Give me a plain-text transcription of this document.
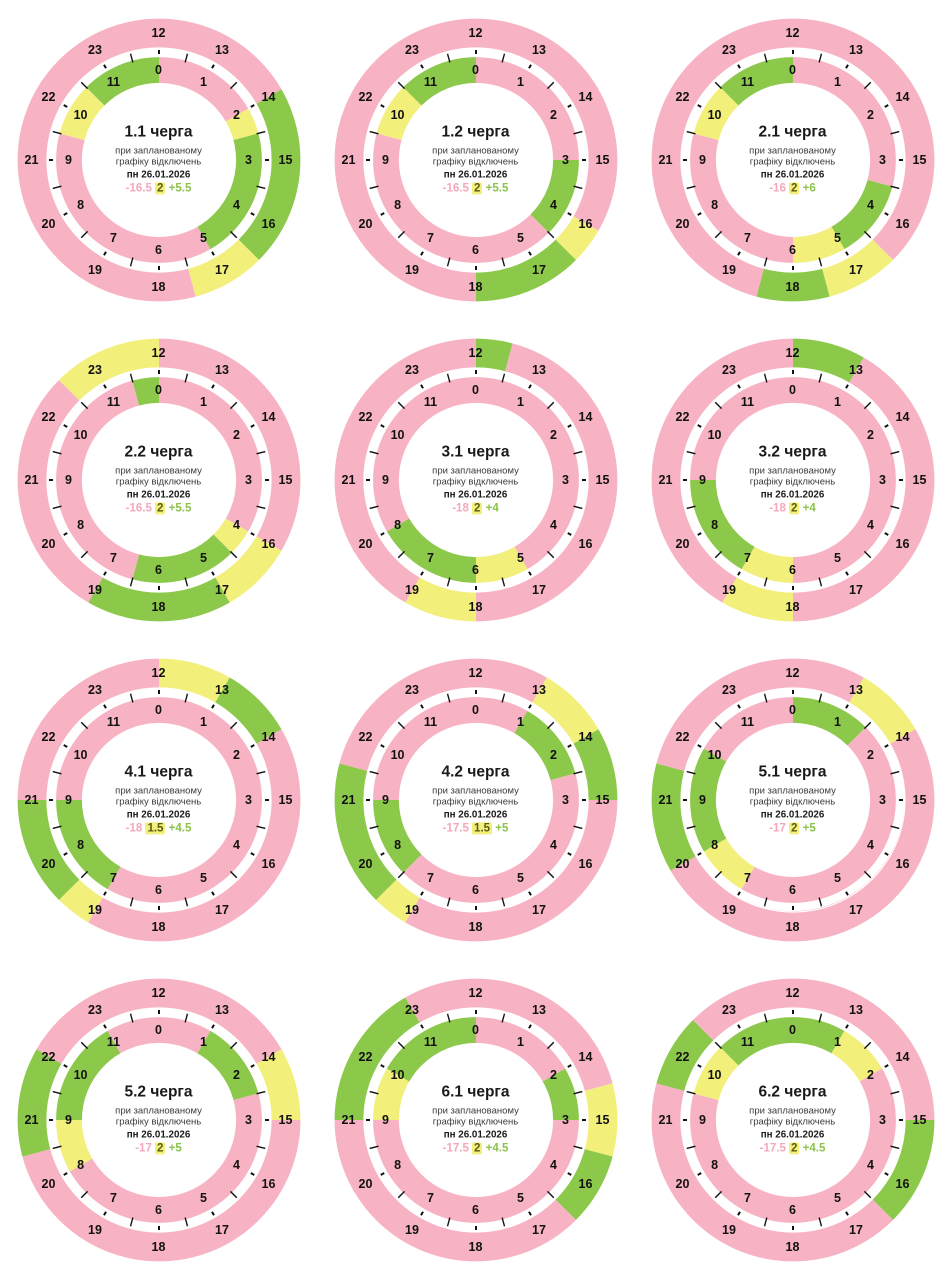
12
13
14
15
16
17
18
19
20
21
22
23
0
1
2
3
4
5
6
7
8
9
10
11
1.1 черга
при запланованому
графіку відключень
пн 26.01.2026
-16.5 2 +5.5
12
13
14
15
16
17
18
19
20
21
22
23
0
1
2
3
4
5
6
7
8
9
10
11
1.2 черга
при запланованому
графіку відключень
пн 26.01.2026
-16.5 2 +5.5
12
13
14
15
16
17
18
19
20
21
22
23
0
1
2
3
4
5
6
7
8
9
10
11
2.1 черга
при запланованому
графіку відключень
пн 26.01.2026
-16 2 +6
12
13
14
15
16
17
18
19
20
21
22
23
0
1
2
3
4
5
6
7
8
9
10
11
2.2 черга
при запланованому
графіку відключень
пн 26.01.2026
-16.5 2 +5.5
12
13
14
15
16
17
18
19
20
21
22
23
0
1
2
3
4
5
6
7
8
9
10
11
3.1 черга
при запланованому
графіку відключень
пн 26.01.2026
-18 2 +4
12
13
14
15
16
17
18
19
20
21
22
23
0
1
2
3
4
5
6
7
8
9
10
11
3.2 черга
при запланованому
графіку відключень
пн 26.01.2026
-18 2 +4
12
13
14
15
16
17
18
19
20
21
22
23
0
1
2
3
4
5
6
7
8
9
10
11
4.1 черга
при запланованому
графіку відключень
пн 26.01.2026
-18 1.5 +4.5
12
13
14
15
16
17
18
19
20
21
22
23
0
1
2
3
4
5
6
7
8
9
10
11
4.2 черга
при запланованому
графіку відключень
пн 26.01.2026
-17.5 1.5 +5
12
13
14
15
16
17
18
19
20
21
22
23
0
1
2
3
4
5
6
7
8
9
10
11
5.1 черга
при запланованому
графіку відключень
пн 26.01.2026
-17 2 +5
12
13
14
15
16
17
18
19
20
21
22
23
0
1
2
3
4
5
6
7
8
9
10
11
5.2 черга
при запланованому
графіку відключень
пн 26.01.2026
-17 2 +5
12
13
14
15
16
17
18
19
20
21
22
23
0
1
2
3
4
5
6
7
8
9
10
11
6.1 черга
при запланованому
графіку відключень
пн 26.01.2026
-17.5 2 +4.5
12
13
14
15
16
17
18
19
20
21
22
23
0
1
2
3
4
5
6
7
8
9
10
11
6.2 черга
при запланованому
графіку відключень
пн 26.01.2026
-17.5 2 +4.5
